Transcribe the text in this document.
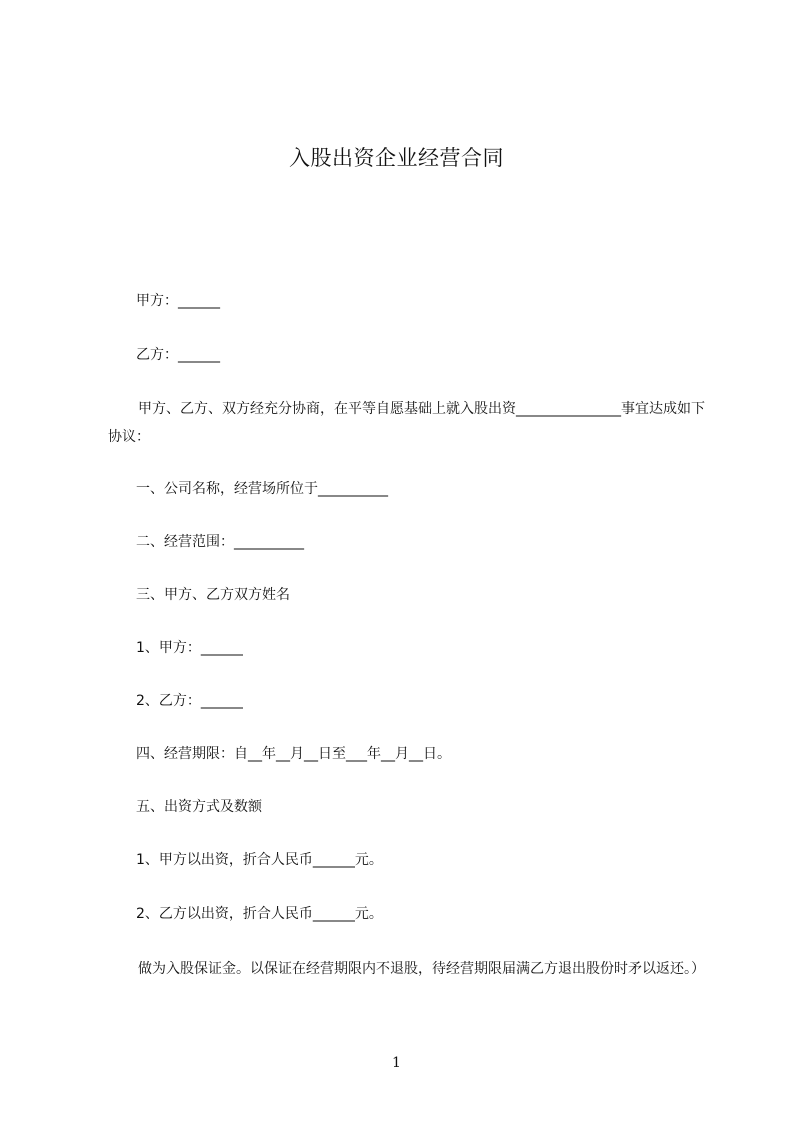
入股出资企业经营合同
甲方：______
乙方：______
甲方、乙方、双方经充分协商，在平等自愿基础上就入股出资_______________事宜达成如下协议：
一、公司名称，经营场所位于__________
二、经营范围：__________
三、甲方、乙方双方姓名
1、甲方：______
2、乙方：______
四、经营期限：自__年__月__日至___年__月__日。
五、出资方式及数额
1、甲方以出资，折合人民币______元。
2、乙方以出资，折合人民币______元。
做为入股保证金。以保证在经营期限内不退股，待经营期限届满乙方退出股份时矛以返还。）
1
